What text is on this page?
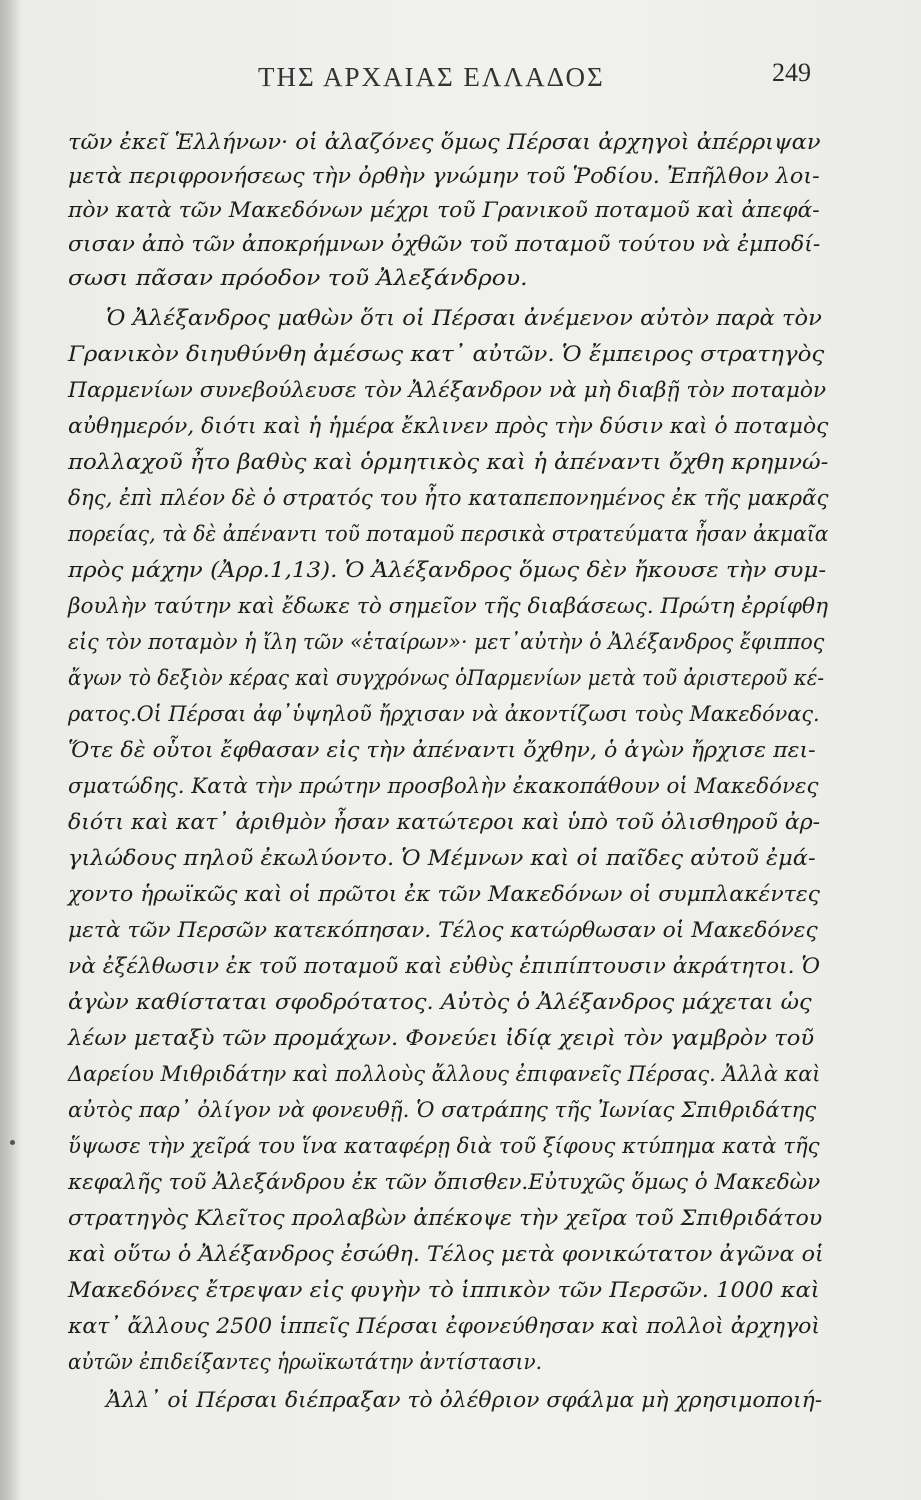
ΤΗΣ ΑΡΧΑΙΑΣ ΕΛΛΑΔΟΣ	249
τῶν ἐκεῖ Ἑλλήνων· οἱ ἀλαζόνες ὅμως Πέρσαι ἀρχηγοὶ ἀπέρριψαν
μετὰ περιφρονήσεως τὴν ὀρθὴν γνώμην τοῦ Ῥοδίου. Ἐπῆλθον λοι-
πὸν κατὰ τῶν Μακεδόνων μέχρι τοῦ Γρανικοῦ ποταμοῦ καὶ ἀπεφά-
σισαν ἀπὸ τῶν ἀποκρήμνων ὀχθῶν τοῦ ποταμοῦ τούτου νὰ ἐμποδί-
σωσι πᾶσαν πρόοδον τοῦ Ἀλεξάνδρου.
Ὁ Ἀλέξανδρος μαθὼν ὅτι οἱ Πέρσαι ἀνέμενον αὐτὸν παρὰ τὸν
Γρανικὸν διηυθύνθη ἀμέσως κατ᾽ αὐτῶν. Ὁ ἔμπειρος στρατηγὸς
Παρμενίων συνεβούλευσε τὸν Ἀλέξανδρον νὰ μὴ διαβῇ τὸν ποταμὸν
αὐθημερόν, διότι καὶ ἡ ἡμέρα ἔκλινεν πρὸς τὴν δύσιν καὶ ὁ ποταμὸς
πολλαχοῦ ἦτο βαθὺς καὶ ὁρμητικὸς καὶ ἡ ἀπέναντι ὄχθη κρημνώ-
δης, ἐπὶ πλέον δὲ ὁ στρατός του ἦτο καταπεπονημένος ἐκ τῆς μακρᾶς
πορείας, τὰ δὲ ἀπέναντι τοῦ ποταμοῦ περσικὰ στρατεύματα ἦσαν ἀκμαῖα
πρὸς μάχην (Ἀρρ.1,13). Ὁ Ἀλέξανδρος ὅμως δὲν ἤκουσε τὴν συμ-
βουλὴν ταύτην καὶ ἔδωκε τὸ σημεῖον τῆς διαβάσεως. Πρώτη ἐρρίφθη
εἰς τὸν ποταμὸν ἡ ἴλη τῶν «ἑταίρων»· μετ᾽αὐτὴν ὁ Ἀλέξανδρος ἔφιππος
ἄγων τὸ δεξιὸν κέρας καὶ συγχρόνως ὁΠαρμενίων μετὰ τοῦ ἀριστεροῦ κέ-
ρατος.Οἱ Πέρσαι ἀφ᾽ὑψηλοῦ ἤρχισαν νὰ ἀκοντίζωσι τοὺς Μακεδόνας.
Ὅτε δὲ οὗτοι ἔφθασαν εἰς τὴν ἀπέναντι ὄχθην, ὁ ἀγὼν ἤρχισε πει-
σματώδης. Κατὰ τὴν πρώτην προσβολὴν ἐκακοπάθουν οἱ Μακεδόνες
διότι καὶ κατ᾽ ἀριθμὸν ἦσαν κατώτεροι καὶ ὑπὸ τοῦ ὀλισθηροῦ ἀρ-
γιλώδους πηλοῦ ἐκωλύοντο. Ὁ Μέμνων καὶ οἱ παῖδες αὐτοῦ ἐμά-
χοντο ἡρωϊκῶς καὶ οἱ πρῶτοι ἐκ τῶν Μακεδόνων οἱ συμπλακέντες
μετὰ τῶν Περσῶν κατεκόπησαν. Τέλος κατώρθωσαν οἱ Μακεδόνες
νὰ ἐξέλθωσιν ἐκ τοῦ ποταμοῦ καὶ εὐθὺς ἐπιπίπτουσιν ἀκράτητοι. Ὁ
ἀγὼν καθίσταται σφοδρότατος. Αὐτὸς ὁ Ἀλέξανδρος μάχεται ὡς
λέων μεταξὺ τῶν προμάχων. Φονεύει ἰδίᾳ χειρὶ τὸν γαμβρὸν τοῦ
Δαρείου Μιθριδάτην καὶ πολλοὺς ἄλλους ἐπιφανεῖς Πέρσας. Ἀλλὰ καὶ
αὐτὸς παρ᾽ ὀλίγον νὰ φονευθῇ. Ὁ σατράπης τῆς Ἰωνίας Σπιθριδάτης
ὕψωσε τὴν χεῖρά του ἵνα καταφέρῃ διὰ τοῦ ξίφους κτύπημα κατὰ τῆς
κεφαλῆς τοῦ Ἀλεξάνδρου ἐκ τῶν ὄπισθεν.Εὐτυχῶς ὅμως ὁ Μακεδὼν
στρατηγὸς Κλεῖτος προλαβὼν ἀπέκοψε τὴν χεῖρα τοῦ Σπιθριδάτου
καὶ οὕτω ὁ Ἀλέξανδρος ἐσώθη. Τέλος μετὰ φονικώτατον ἀγῶνα οἱ
Μακεδόνες ἔτρεψαν εἰς φυγὴν τὸ ἱππικὸν τῶν Περσῶν. 1000 καὶ
κατ᾽ ἄλλους 2500 ἱππεῖς Πέρσαι ἐφονεύθησαν καὶ πολλοὶ ἀρχηγοὶ
αὐτῶν ἐπιδείξαντες ἡρωϊκωτάτην ἀντίστασιν.
Ἀλλ᾽ οἱ Πέρσαι διέπραξαν τὸ ὀλέθριον σφάλμα μὴ χρησιμοποιή-
